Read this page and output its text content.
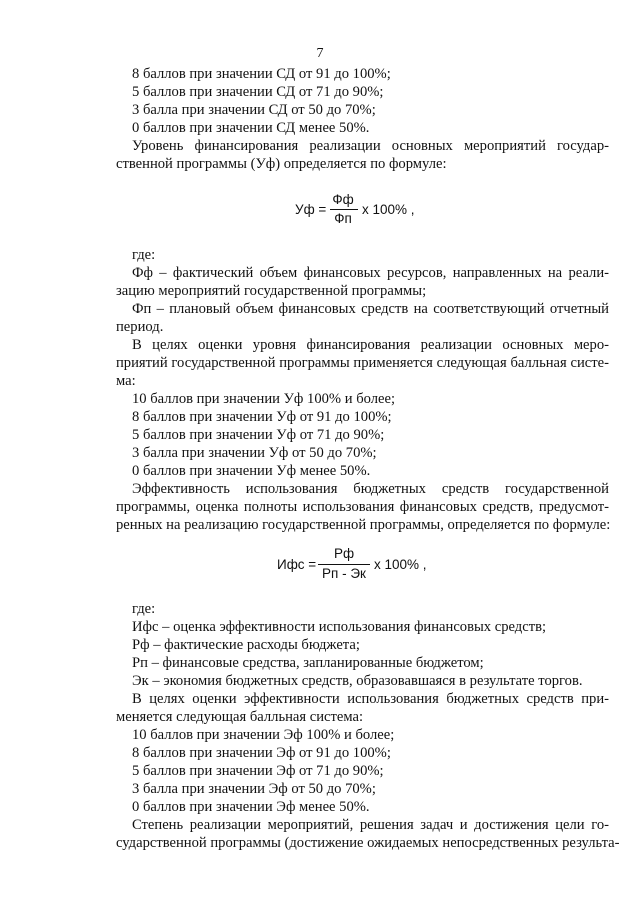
7
8 баллов при значении СД от 91 до 100%;
5 баллов при значении СД от 71 до 90%;
3 балла при значении СД от 50 до 70%;
0 баллов при значении СД менее 50%.
Уровень финансирования реализации основных мероприятий государ-
ственной программы (Уф) определяется по формуле:
Уф =
Фф
Фп
x 100% ,
где:
Фф – фактический объем финансовых ресурсов, направленных на реали-
зацию мероприятий государственной программы;
Фп – плановый объем финансовых средств на соответствующий отчетный
период.
В целях оценки уровня финансирования реализации основных меро-
приятий государственной программы применяется следующая балльная систе-
ма:
10 баллов при значении Уф 100% и более;
8 баллов при значении Уф от 91 до 100%;
5 баллов при значении Уф от 71 до 90%;
3 балла при значении Уф от 50 до 70%;
0 баллов при значении Уф менее 50%.
Эффективность использования бюджетных средств государственной
программы, оценка полноты использования финансовых средств, предусмот-
ренных на реализацию государственной программы, определяется по формуле:
Ифс =
Рф
Рп - Эк
x 100% ,
где:
Ифс – оценка эффективности использования финансовых средств;
Рф – фактические расходы бюджета;
Рп – финансовые средства, запланированные бюджетом;
Эк – экономия бюджетных средств, образовавшаяся в результате торгов.
В целях оценки эффективности использования бюджетных средств при-
меняется следующая балльная система:
10 баллов при значении Эф 100% и более;
8 баллов при значении Эф от 91 до 100%;
5 баллов при значении Эф от 71 до 90%;
3 балла при значении Эф от 50 до 70%;
0 баллов при значении Эф менее 50%.
Степень реализации мероприятий, решения задач и достижения цели го-
сударственной программы (достижение ожидаемых непосредственных результа-
